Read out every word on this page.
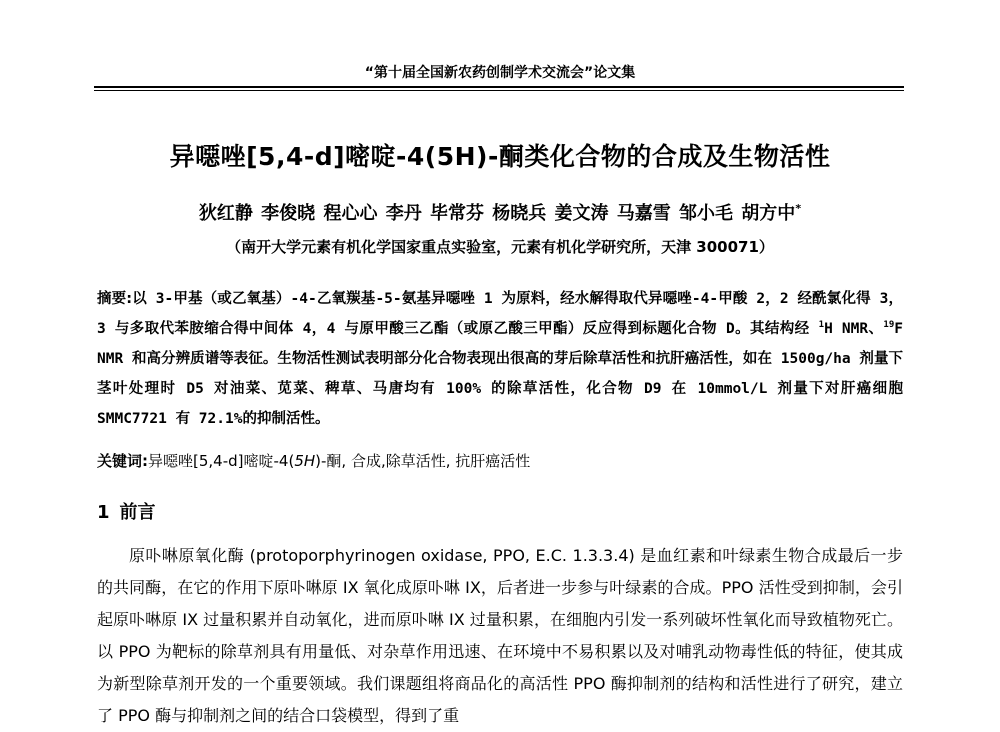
“第十届全国新农药创制学术交流会”论文集
异噁唑[5,4-d]嘧啶-4(5H)-酮类化合物的合成及生物活性
狄红静 李俊晓 程心心 李丹 毕常芬 杨晓兵 姜文涛 马嘉雪 邹小毛 胡方中*
（南开大学元素有机化学国家重点实验室，元素有机化学研究所，天津 300071）
摘要:以 3-甲基（或乙氧基）-4-乙氧羰基-5-氨基异噁唑 1 为原料，经水解得取代异噁唑-4-甲酸 2，2 经酰氯化得 3，3 与多取代苯胺缩合得中间体 4，4 与原甲酸三乙酯（或原乙酸三甲酯）反应得到标题化合物 D。其结构经 $^1$H NMR、$^{19}$F NMR 和高分辨质谱等表征。生物活性测试表明部分化合物表现出很高的芽后除草活性和抗肝癌活性，如在 1500g/ha 剂量下茎叶处理时 D5 对油菜、苋菜、稗草、马唐均有 100% 的除草活性，化合物 D9 在 10mmol/L 剂量下对肝癌细胞 SMMC7721 有 72.1%的抑制活性。
关键词:异噁唑[5,4-d]嘧啶-4(5H)-酮, 合成,除草活性, 抗肝癌活性
1 前言

原卟啉原氧化酶 (protoporphyrinogen oxidase, PPO, E.C. 1.3.3.4) 是血红素和叶绿素生物合成最后一步的共同酶，在它的作用下原卟啉原 IX 氧化成原卟啉 IX，后者进一步参与叶绿素的合成。PPO 活性受到抑制，会引起原卟啉原 IX 过量积累并自动氧化，进而原卟啉 IX 过量积累，在细胞内引发一系列破坏性氧化而导致植物死亡。以 PPO 为靶标的除草剂具有用量低、对杂草作用迅速、在环境中不易积累以及对哺乳动物毒性低的特征，使其成为新型除草剂开发的一个重要领域。我们课题组将商品化的高活性 PPO 酶抑制剂的结构和活性进行了研究，建立了 PPO 酶与抑制剂之间的结合口袋模型，得到了重
